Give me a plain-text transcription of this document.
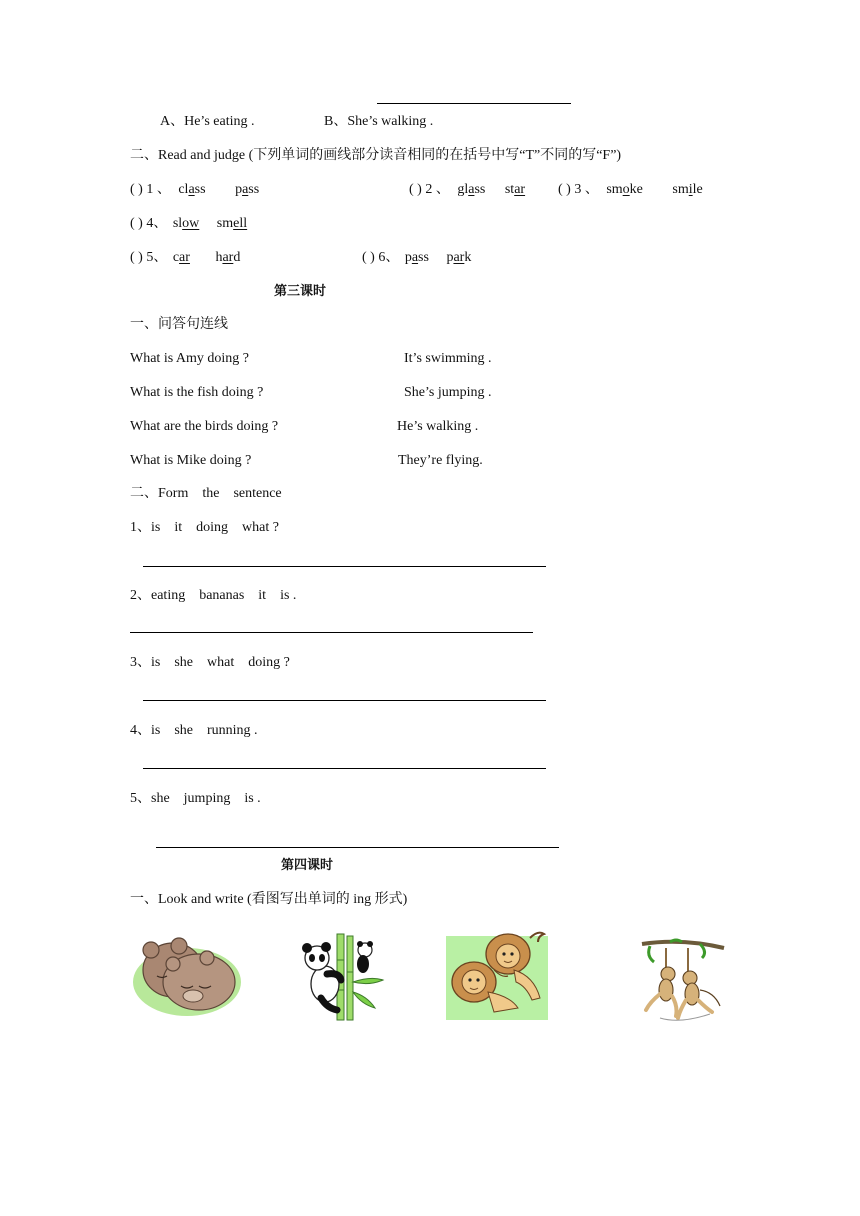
A、He’s eating .	B、She’s walking .
二、Read and judge (下列单词的画线部分读音相同的在括号中写“T”不同的写“F”)
( ) 1 、 class pass	( ) 2 、 glass star ( ) 3 、 smoke smile
( ) 4、 slow smell
( ) 5、 car hard	( ) 6、 pass park
第三课时
一、问答句连线
What is Amy doing ?	It’s swimming .
What is the fish doing ?	She’s jumping .
What are the birds doing ?	He’s walking .
What is Mike doing ?	They’re flying.
二、Form    the    sentence
1、is    it    doing    what ?
2、eating    bananas    it    is .
3、is    she    what    doing ?
4、is    she    running .
5、she    jumping    is .
第四课时
一、Look and write (看图写出单词的 ing 形式)
